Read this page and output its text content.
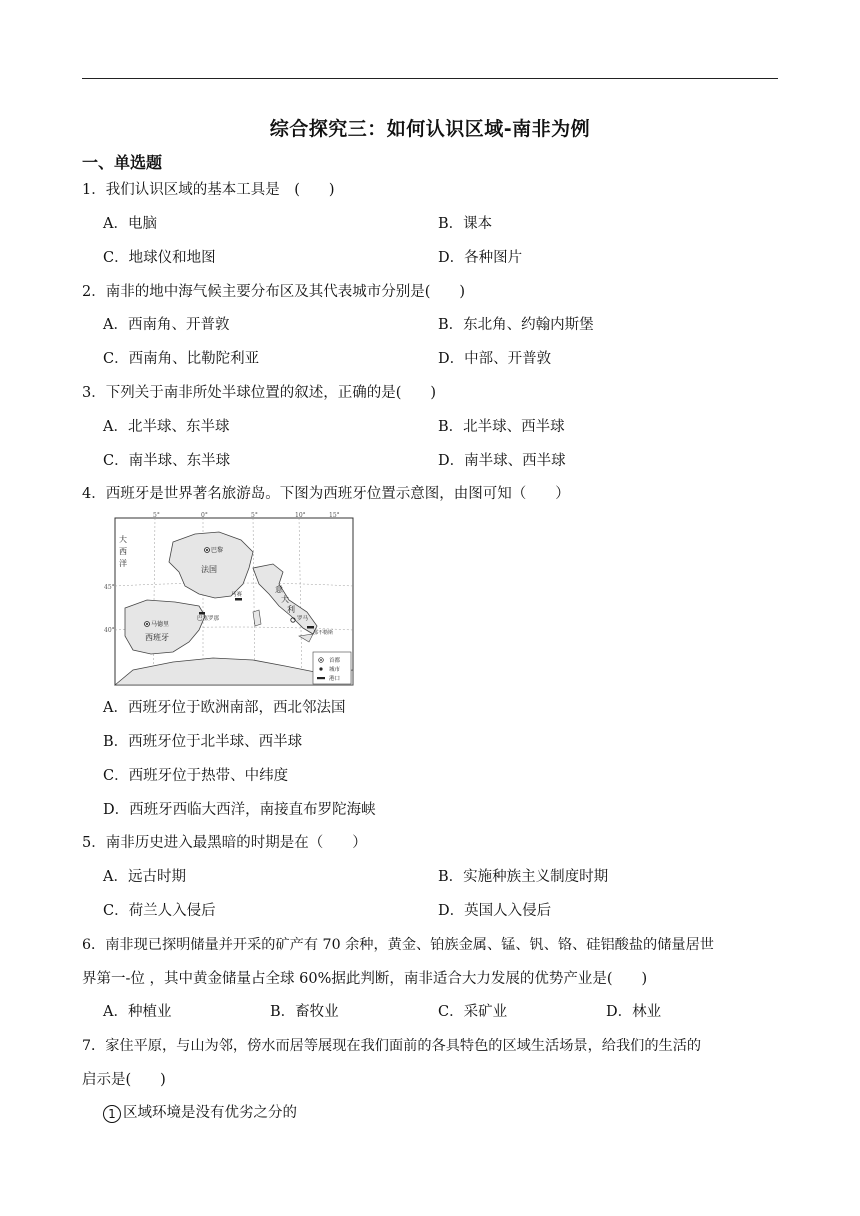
综合探究三：如何认识区域-南非为例
一、单选题
1．我们认识区域的基本工具是　(　　)
A．电脑	B．课本
C．地球仪和地图	D．各种图片
2．南非的地中海气候主要分布区及其代表城市分别是(　　)
A．西南角、开普敦	B．东北角、约翰内斯堡
C．西南角、比勒陀利亚	D．中部、开普敦
3．下列关于南非所处半球位置的叙述，正确的是(　　)
A．北半球、东半球	B．北半球、西半球
C．南半球、东半球	D．南半球、西半球
4．西班牙是世界著名旅游岛。下图为西班牙位置示意图，由图可知（　　）
5°	0°	5°	10°	15°
45°
40°
大
西
洋
法国
巴黎
意
大
利
罗马
马德里
巴塞罗那
马赛
西班牙	那不勒斯
首都
城市
港口
A．西班牙位于欧洲南部，西北邻法国
B．西班牙位于北半球、西半球
C．西班牙位于热带、中纬度
D．西班牙西临大西洋，南接直布罗陀海峡
5．南非历史进入最黑暗的时期是在（　　）
A．远古时期	B．实施种族主义制度时期
C．荷兰人入侵后	D．英国人入侵后
6．南非现已探明储量并开采的矿产有 70 余种，黄金、铂族金属、锰、钒、铬、硅铝酸盐的储量居世
界第一-位 ，其中黄金储量占全球 60%据此判断，南非适合大力发展的优势产业是(　　)
A．种植业	B．畜牧业	C．采矿业	D．林业
7．家住平原，与山为邻，傍水而居等展现在我们面前的各具特色的区域生活场景，给我们的生活的
启示是(　　)
1 区域环境是没有优劣之分的
